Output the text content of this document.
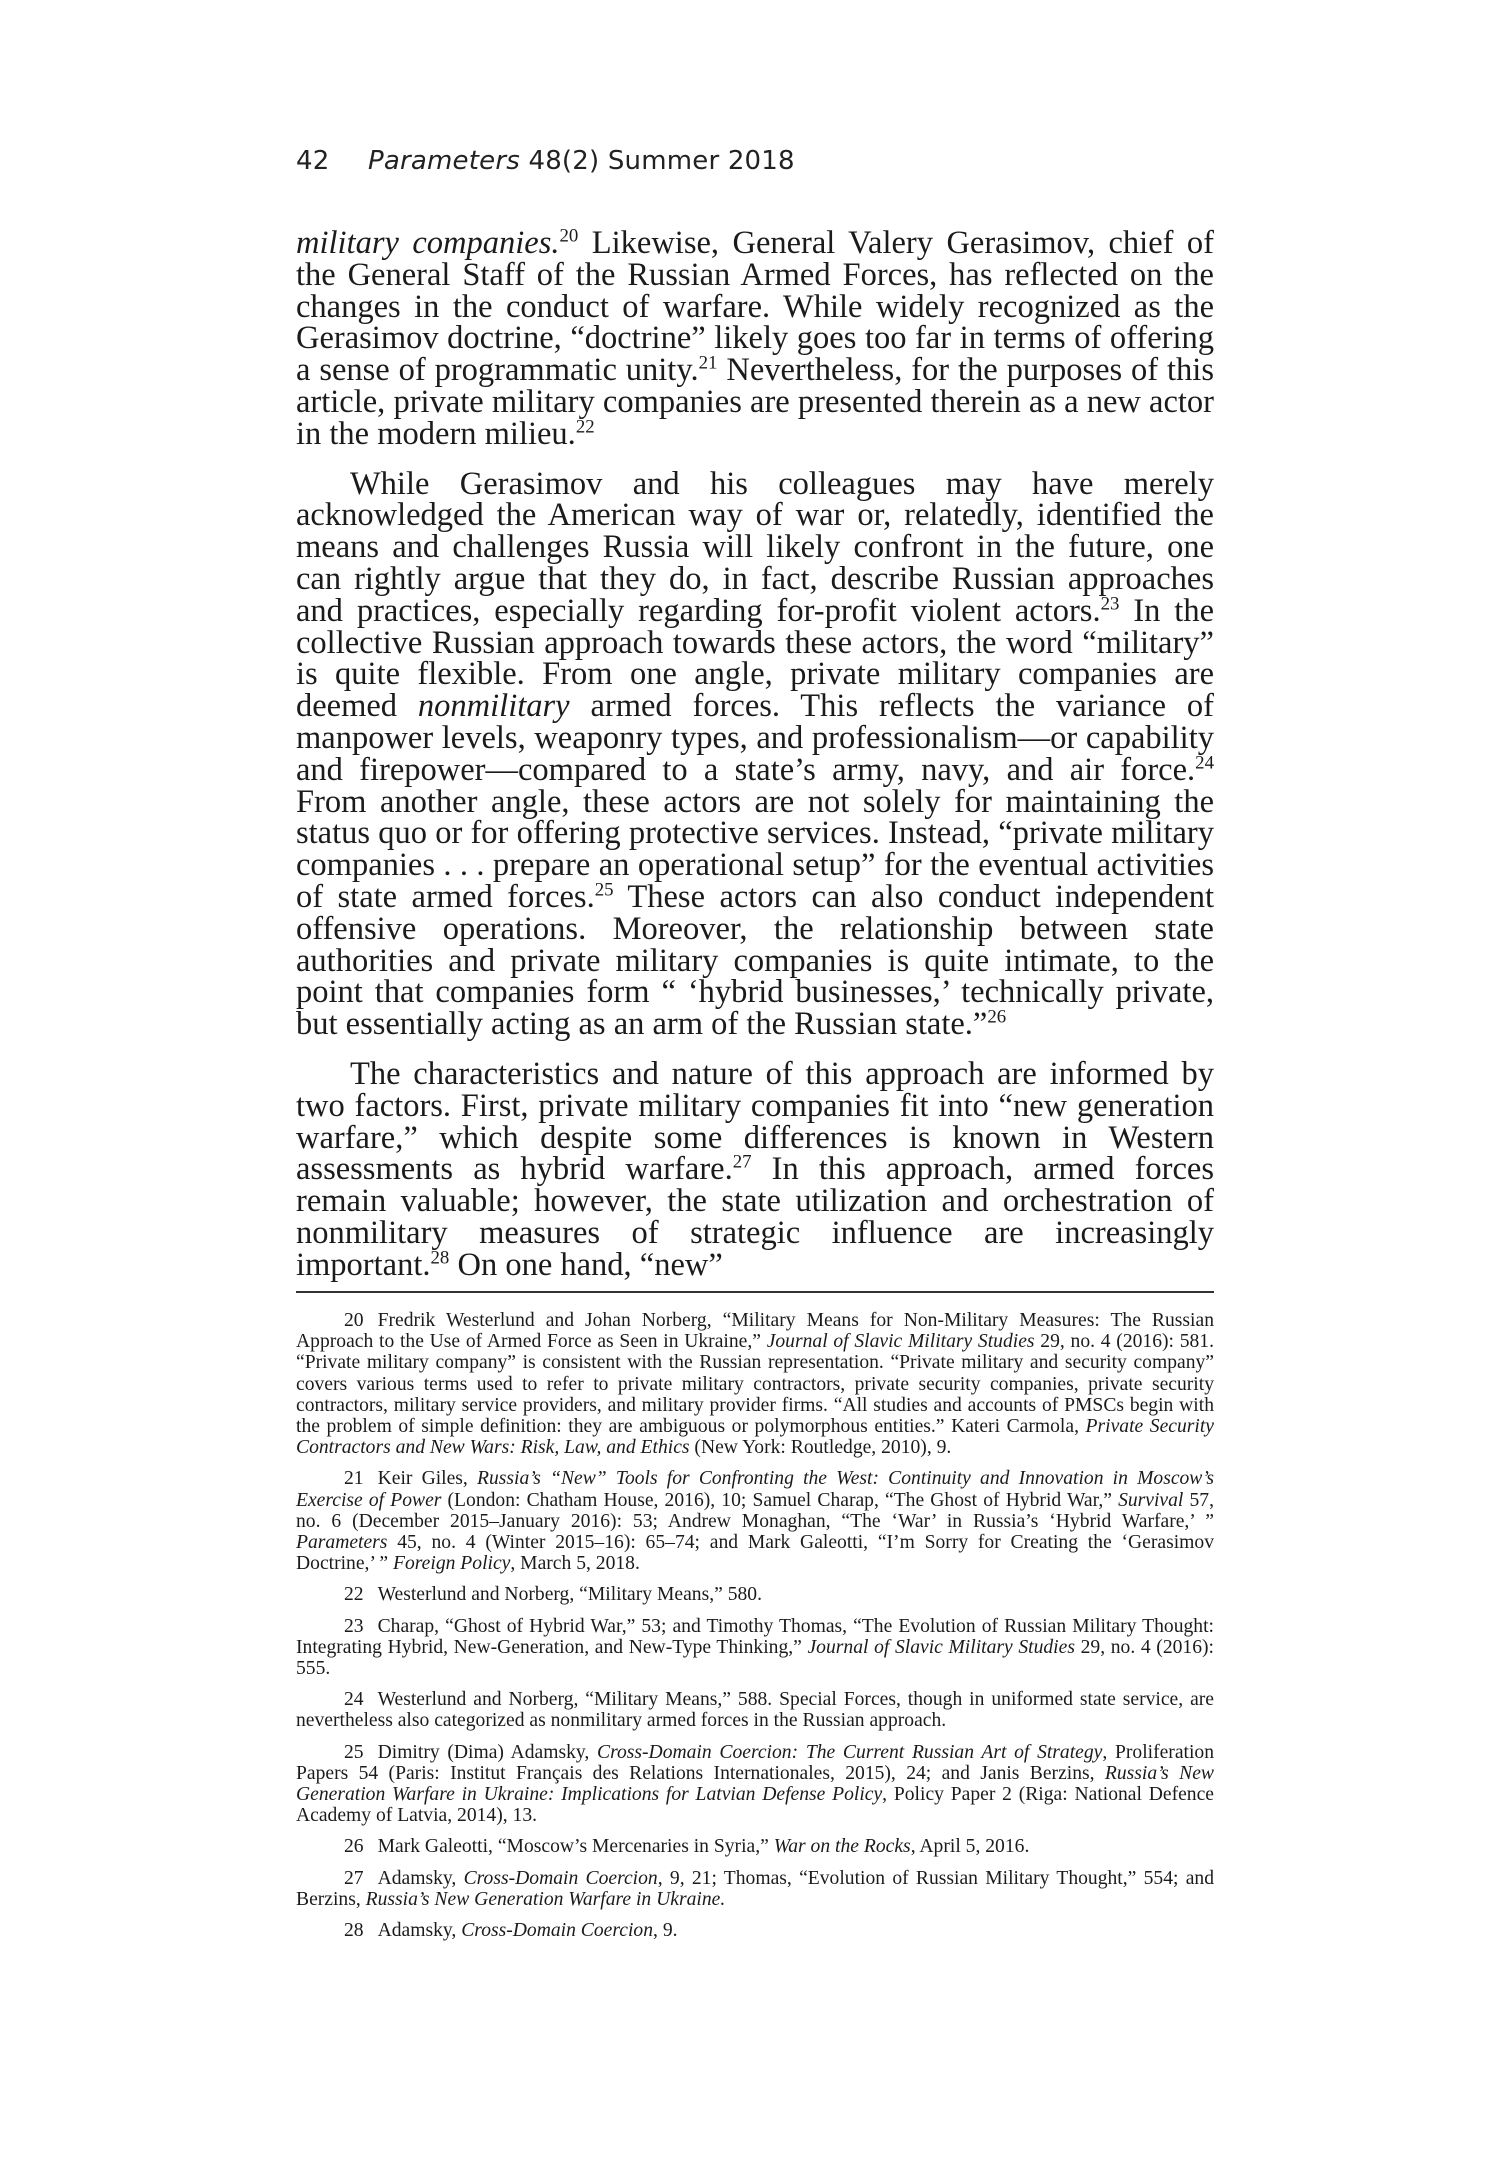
42 Parameters 48(2) Summer 2018

military companies.$^{20}$ Likewise, General Valery Gerasimov, chief of the General Staff of the Russian Armed Forces, has reflected on the changes in the conduct of warfare. While widely recognized as the Gerasimov doctrine, “doctrine” likely goes too far in terms of offering a sense of programmatic unity.$^{21}$ Nevertheless, for the purposes of this article, private military companies are presented therein as a new actor in the modern milieu.$^{22}$

While Gerasimov and his colleagues may have merely acknowledged the American way of war or, relatedly, identified the means and challenges Russia will likely confront in the future, one can rightly argue that they do, in fact, describe Russian approaches and practices, especially regarding for-profit violent actors.$^{23}$ In the collective Russian approach towards these actors, the word “military” is quite flexible. From one angle, private military companies are deemed nonmilitary armed forces. This reflects the variance of manpower levels, weaponry types, and professionalism—or capability and firepower—compared to a state’s army, navy, and air force.$^{24}$ From another angle, these actors are not solely for maintaining the status quo or for offering protective services. Instead, “private military companies . . . prepare an operational setup” for the eventual activities of state armed forces.$^{25}$ These actors can also conduct independent offensive operations. Moreover, the relationship between state authorities and private military companies is quite intimate, to the point that companies form “ ‘hybrid businesses,’ technically private, but essentially acting as an arm of the Russian state.”$^{26}$

The characteristics and nature of this approach are informed by two factors. First, private military companies fit into “new generation warfare,” which despite some differences is known in Western assessments as hybrid warfare.$^{27}$ In this approach, armed forces remain valuable; however, the state utilization and orchestration of nonmilitary measures of strategic influence are increasingly important.$^{28}$ On one hand, “new”

20 Fredrik Westerlund and Johan Norberg, “Military Means for Non-Military Measures: The Russian Approach to the Use of Armed Force as Seen in Ukraine,” Journal of Slavic Military Studies 29, no. 4 (2016): 581. “Private military company” is consistent with the Russian representation. “Private military and security company” covers various terms used to refer to private military contractors, private security companies, private security contractors, military service providers, and military provider firms. “All studies and accounts of PMSCs begin with the problem of simple definition: they are ambiguous or polymorphous entities.” Kateri Carmola, Private Security Contractors and New Wars: Risk, Law, and Ethics (New York: Routledge, 2010), 9.
21 Keir Giles, Russia’s “New” Tools for Confronting the West: Continuity and Innovation in Moscow’s Exercise of Power (London: Chatham House, 2016), 10; Samuel Charap, “The Ghost of Hybrid War,” Survival 57, no. 6 (December 2015–January 2016): 53; Andrew Monaghan, “The ‘War’ in Russia’s ‘Hybrid Warfare,’ ” Parameters 45, no. 4 (Winter 2015–16): 65–74; and Mark Galeotti, “I’m Sorry for Creating the ‘Gerasimov Doctrine,’ ” Foreign Policy, March 5, 2018.
22 Westerlund and Norberg, “Military Means,” 580.
23 Charap, “Ghost of Hybrid War,” 53; and Timothy Thomas, “The Evolution of Russian Military Thought: Integrating Hybrid, New-Generation, and New-Type Thinking,” Journal of Slavic Military Studies 29, no. 4 (2016): 555.
24 Westerlund and Norberg, “Military Means,” 588. Special Forces, though in uniformed state service, are nevertheless also categorized as nonmilitary armed forces in the Russian approach.
25 Dimitry (Dima) Adamsky, Cross-Domain Coercion: The Current Russian Art of Strategy, Proliferation Papers 54 (Paris: Institut Français des Relations Internationales, 2015), 24; and Janis Berzins, Russia’s New Generation Warfare in Ukraine: Implications for Latvian Defense Policy, Policy Paper 2 (Riga: National Defence Academy of Latvia, 2014), 13.
26 Mark Galeotti, “Moscow’s Mercenaries in Syria,” War on the Rocks, April 5, 2016.
27 Adamsky, Cross-Domain Coercion, 9, 21; Thomas, “Evolution of Russian Military Thought,” 554; and Berzins, Russia’s New Generation Warfare in Ukraine.
28 Adamsky, Cross-Domain Coercion, 9.
